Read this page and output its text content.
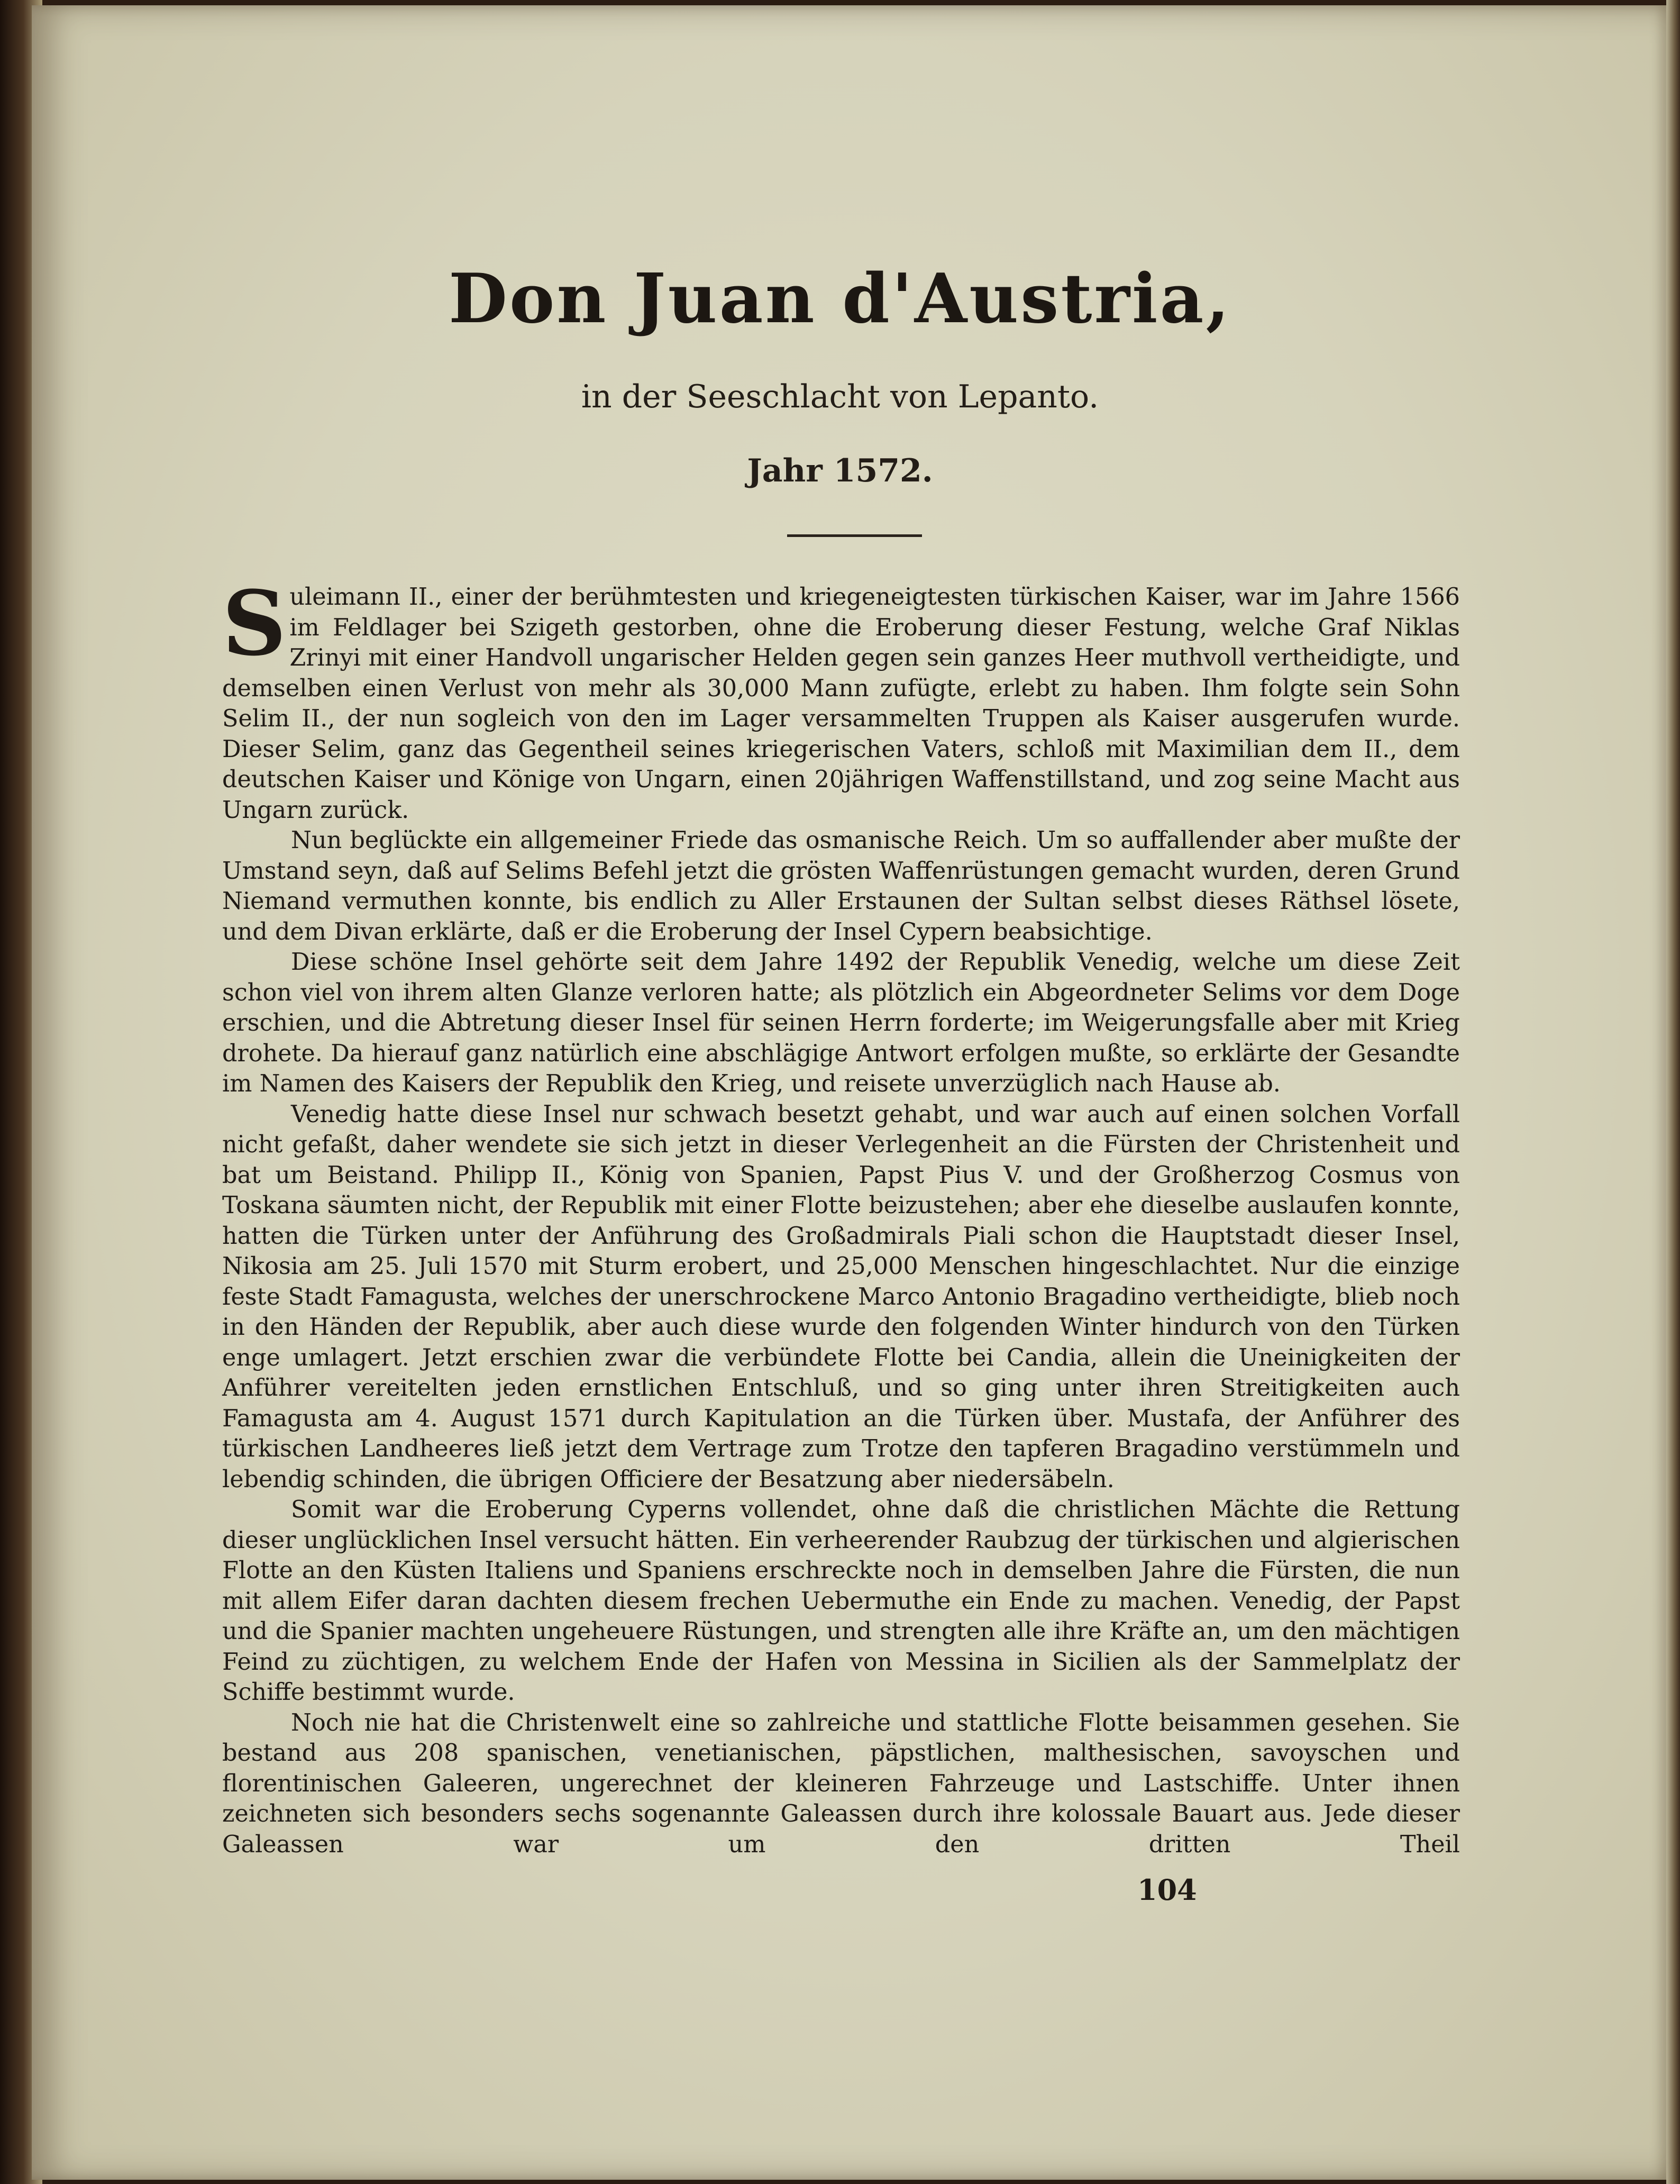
Don Juan d'Austria,
in der Seeschlacht von Lepanto.
Jahr 1572.

Suleimann II., einer der berühmtesten und kriegeneigtesten türkischen Kaiser, war im Jahre 1566 im Feldlager bei Szigeth gestorben, ohne die Eroberung dieser Festung, welche Graf Niklas Zrinyi mit einer Handvoll ungarischer Helden gegen sein ganzes Heer muthvoll vertheidigte, und demselben einen Verlust von mehr als 30,000 Mann zufügte, erlebt zu haben. Ihm folgte sein Sohn Selim II., der nun sogleich von den im Lager versammelten Truppen als Kaiser ausgerufen wurde. Dieser Selim, ganz das Gegentheil seines kriegerischen Vaters, schloß mit Maximilian dem II., dem deutschen Kaiser und Könige von Ungarn, einen 20jährigen Waffenstillstand, und zog seine Macht aus Ungarn zurück.

Nun beglückte ein allgemeiner Friede das osmanische Reich. Um so auffallender aber mußte der Umstand seyn, daß auf Selims Befehl jetzt die grösten Waffenrüstungen gemacht wurden, deren Grund Niemand vermuthen konnte, bis endlich zu Aller Erstaunen der Sultan selbst dieses Räthsel lösete, und dem Divan erklärte, daß er die Eroberung der Insel Cypern beabsichtige.

Diese schöne Insel gehörte seit dem Jahre 1492 der Republik Venedig, welche um diese Zeit schon viel von ihrem alten Glanze verloren hatte; als plötzlich ein Abgeordneter Selims vor dem Doge erschien, und die Abtretung dieser Insel für seinen Herrn forderte; im Weigerungsfalle aber mit Krieg drohete. Da hierauf ganz natürlich eine abschlägige Antwort erfolgen mußte, so erklärte der Gesandte im Namen des Kaisers der Republik den Krieg, und reisete unverzüglich nach Hause ab.

Venedig hatte diese Insel nur schwach besetzt gehabt, und war auch auf einen solchen Vorfall nicht gefaßt, daher wendete sie sich jetzt in dieser Verlegenheit an die Fürsten der Christenheit und bat um Beistand. Philipp II., König von Spanien, Papst Pius V. und der Großherzog Cosmus von Toskana säumten nicht, der Republik mit einer Flotte beizustehen; aber ehe dieselbe auslaufen konnte, hatten die Türken unter der Anführung des Großadmirals Piali schon die Hauptstadt dieser Insel, Nikosia am 25. Juli 1570 mit Sturm erobert, und 25,000 Menschen hingeschlachtet. Nur die einzige feste Stadt Famagusta, welches der unerschrockene Marco Antonio Bragadino vertheidigte, blieb noch in den Händen der Republik, aber auch diese wurde den folgenden Winter hindurch von den Türken enge umlagert. Jetzt erschien zwar die verbündete Flotte bei Candia, allein die Uneinigkeiten der Anführer vereitelten jeden ernstlichen Entschluß, und so ging unter ihren Streitigkeiten auch Famagusta am 4. August 1571 durch Kapitulation an die Türken über. Mustafa, der Anführer des türkischen Landheeres ließ jetzt dem Vertrage zum Trotze den tapferen Bragadino verstümmeln und lebendig schinden, die übrigen Officiere der Besatzung aber niedersäbeln.

Somit war die Eroberung Cyperns vollendet, ohne daß die christlichen Mächte die Rettung dieser unglücklichen Insel versucht hätten. Ein verheerender Raubzug der türkischen und algierischen Flotte an den Küsten Italiens und Spaniens erschreckte noch in demselben Jahre die Fürsten, die nun mit allem Eifer daran dachten diesem frechen Uebermuthe ein Ende zu machen. Venedig, der Papst und die Spanier machten ungeheuere Rüstungen, und strengten alle ihre Kräfte an, um den mächtigen Feind zu züchtigen, zu welchem Ende der Hafen von Messina in Sicilien als der Sammelplatz der Schiffe bestimmt wurde.

Noch nie hat die Christenwelt eine so zahlreiche und stattliche Flotte beisammen gesehen. Sie bestand aus 208 spanischen, venetianischen, päpstlichen, malthesischen, savoyschen und florentinischen Galeeren, ungerechnet der kleineren Fahrzeuge und Lastschiffe. Unter ihnen zeichneten sich besonders sechs sogenannte Galeassen durch ihre kolossale Bauart aus. Jede dieser Galeassen war um den dritten Theil

104
